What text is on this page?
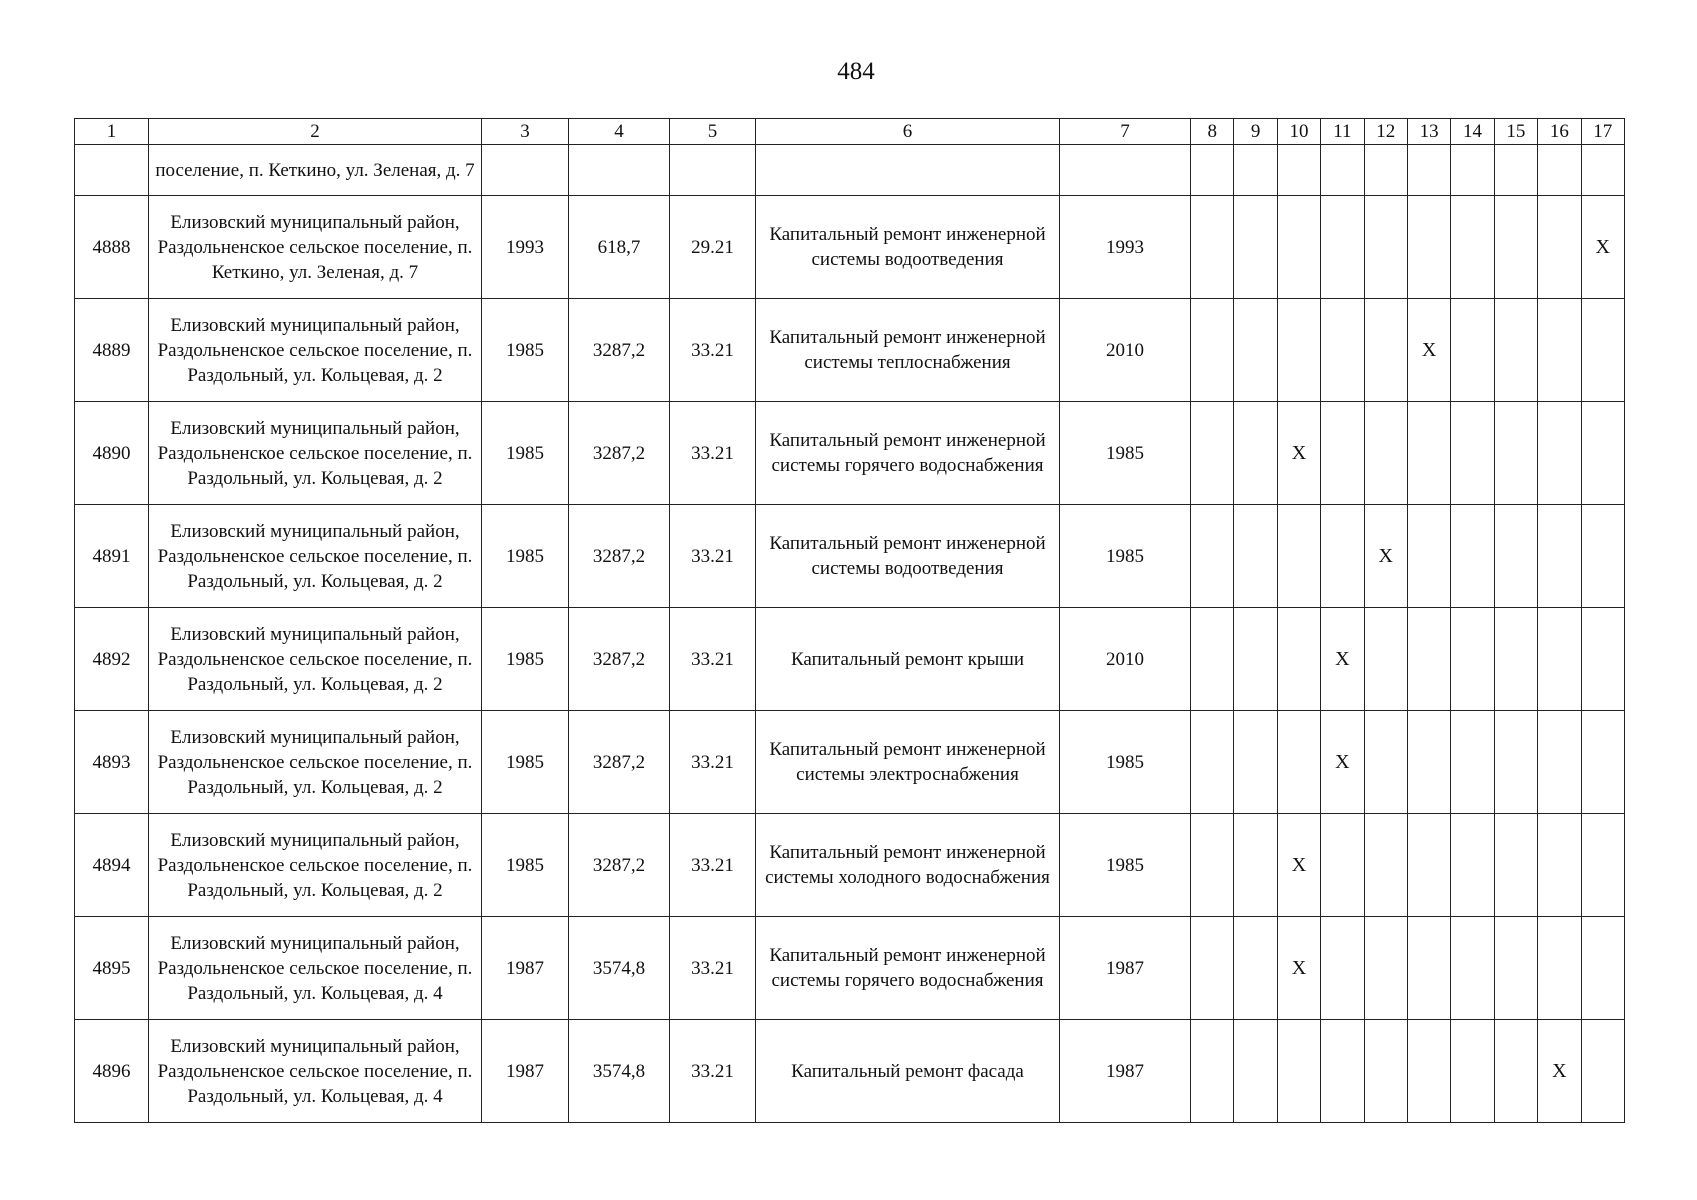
484
1	2	3	4	5	6	7	8	9	10	11	12	13	14	15	16	17	
	поселение, п. Кеткино, ул. Зеленая, д. 7																
4888	Елизовский муниципальный район, Раздольненское сельское поселение, п. Кеткино, ул. Зеленая, д. 7	1993	618,7	29.21	Капитальный ремонт инженерной системы водоотведения	1993										X	
4889	Елизовский муниципальный район, Раздольненское сельское поселение, п. Раздольный, ул. Кольцевая, д. 2	1985	3287,2	33.21	Капитальный ремонт инженерной системы теплоснабжения	2010						X					
4890	Елизовский муниципальный район, Раздольненское сельское поселение, п. Раздольный, ул. Кольцевая, д. 2	1985	3287,2	33.21	Капитальный ремонт инженерной системы горячего водоснабжения	1985			X								
4891	Елизовский муниципальный район, Раздольненское сельское поселение, п. Раздольный, ул. Кольцевая, д. 2	1985	3287,2	33.21	Капитальный ремонт инженерной системы водоотведения	1985					X						
4892	Елизовский муниципальный район, Раздольненское сельское поселение, п. Раздольный, ул. Кольцевая, д. 2	1985	3287,2	33.21	Капитальный ремонт крыши	2010				X							
4893	Елизовский муниципальный район, Раздольненское сельское поселение, п. Раздольный, ул. Кольцевая, д. 2	1985	3287,2	33.21	Капитальный ремонт инженерной системы электроснабжения	1985				X							
4894	Елизовский муниципальный район, Раздольненское сельское поселение, п. Раздольный, ул. Кольцевая, д. 2	1985	3287,2	33.21	Капитальный ремонт инженерной системы холодного водоснабжения	1985			X								
4895	Елизовский муниципальный район, Раздольненское сельское поселение, п. Раздольный, ул. Кольцевая, д. 4	1987	3574,8	33.21	Капитальный ремонт инженерной системы горячего водоснабжения	1987			X								
4896	Елизовский муниципальный район, Раздольненское сельское поселение, п. Раздольный, ул. Кольцевая, д. 4	1987	3574,8	33.21	Капитальный ремонт фасада	1987									X		
